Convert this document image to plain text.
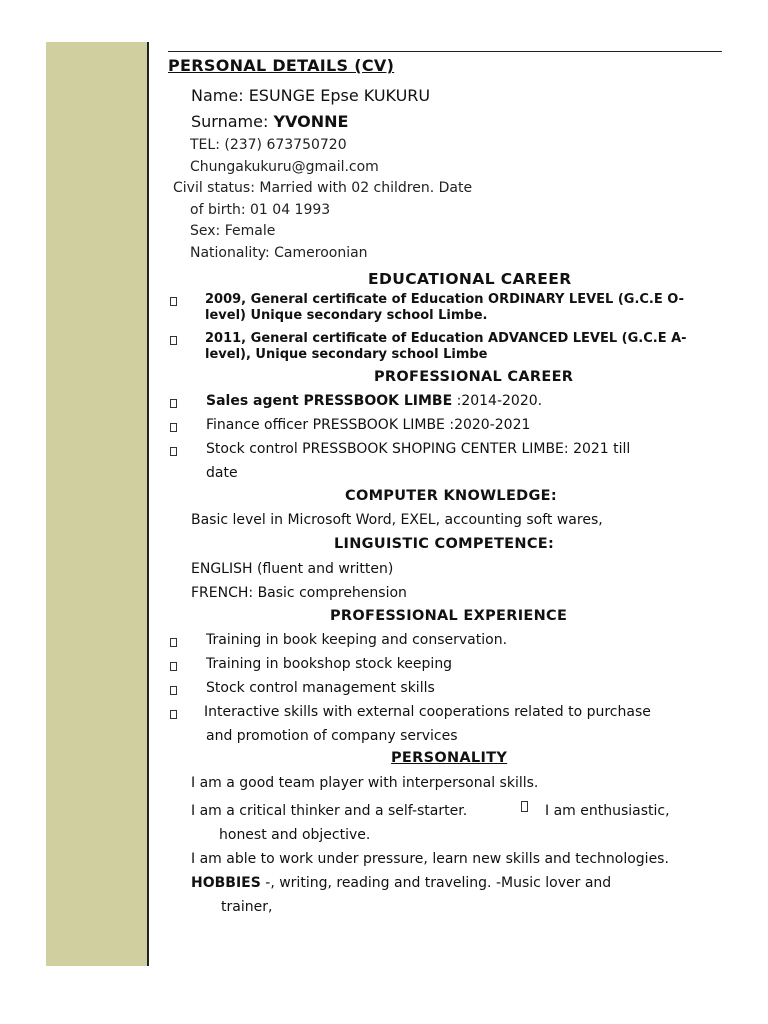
PERSONAL DETAILS (CV)
Name: ESUNGE Epse KUKURU
Surname: YVONNE
TEL: (237) 673750720
Chungakukuru@gmail.com
Civil status: Married with 02 children. Date
of birth: 01 04 1993
Sex: Female
Nationality: Cameroonian
EDUCATIONAL CAREER
2009, General certificate of Education ORDINARY LEVEL (G.C.E O-
level) Unique secondary school Limbe.
2011, General certificate of Education ADVANCED LEVEL (G.C.E A-
level), Unique secondary school Limbe
PROFESSIONAL CAREER
Sales agent PRESSBOOK LIMBE :2014-2020.
Finance officer PRESSBOOK LIMBE :2020-2021
Stock control PRESSBOOK SHOPING CENTER LIMBE: 2021 till
date
COMPUTER KNOWLEDGE:
Basic level in Microsoft Word, EXEL, accounting soft wares,
LINGUISTIC COMPETENCE:
ENGLISH (fluent and written)
FRENCH: Basic comprehension
PROFESSIONAL EXPERIENCE
Training in book keeping and conservation.
Training in bookshop stock keeping
Stock control management skills
Interactive skills with external cooperations related to purchase
and promotion of company services
PERSONALITY
I am a good team player with interpersonal skills.
I am a critical thinker and a self-starter.	I am enthusiastic,
honest and objective.
I am able to work under pressure, learn new skills and technologies.
HOBBIES -, writing, reading and traveling. -Music lover and
trainer,
